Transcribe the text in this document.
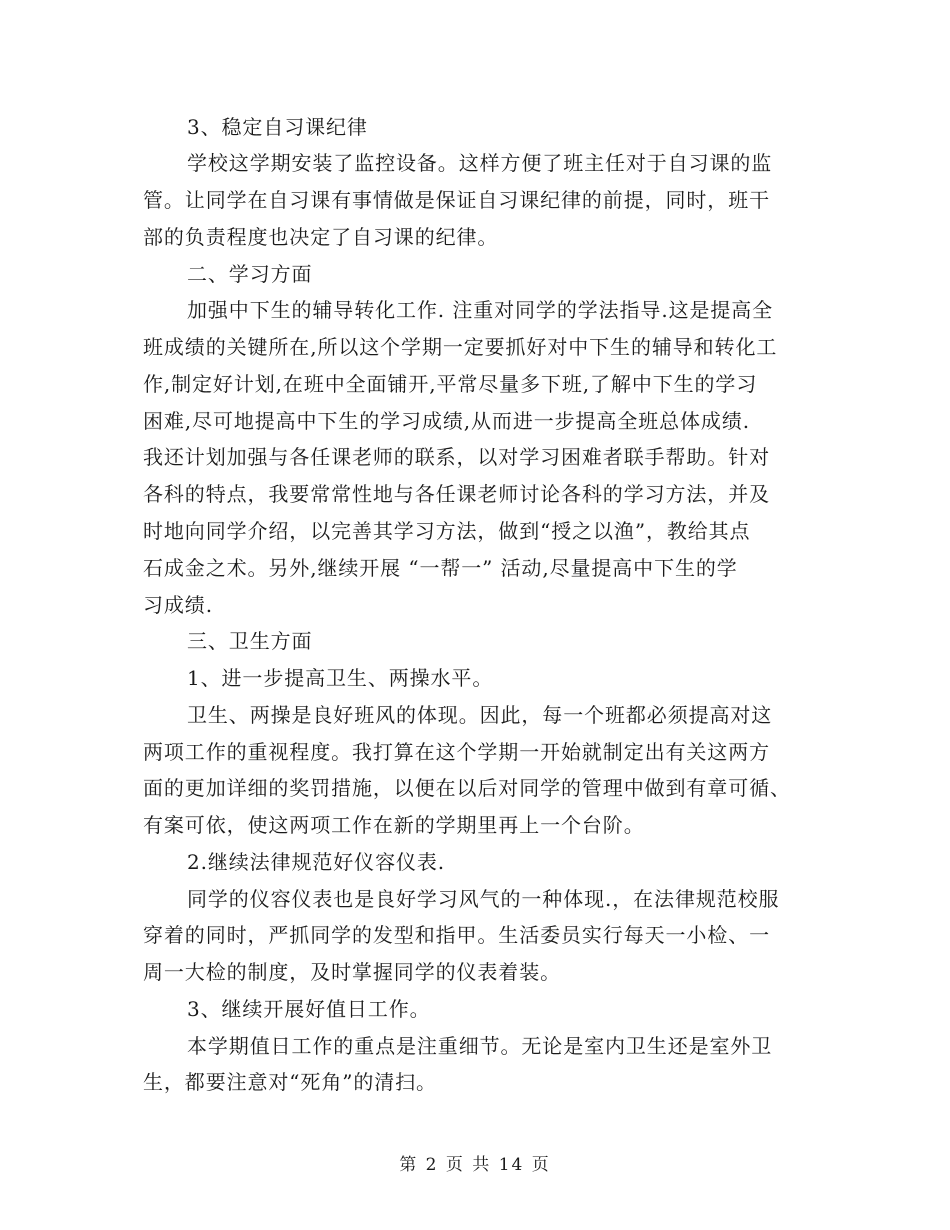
3、稳定自习课纪律
学校这学期安装了监控设备。这样方便了班主任对于自习课的监
管。让同学在自习课有事情做是保证自习课纪律的前提，同时，班干
部的负责程度也决定了自习课的纪律。
二、学习方面
加强中下生的辅导转化工作. 注重对同学的学法指导.这是提高全
班成绩的关键所在,所以这个学期一定要抓好对中下生的辅导和转化工
作,制定好计划,在班中全面铺开,平常尽量多下班,了解中下生的学习
困难,尽可地提高中下生的学习成绩,从而进一步提高全班总体成绩.
我还计划加强与各任课老师的联系，以对学习困难者联手帮助。针对
各科的特点，我要常常性地与各任课老师讨论各科的学习方法，并及
时地向同学介绍，以完善其学习方法，做到“授之以渔”，教给其点
石成金之术。另外,继续开展 “一帮一” 活动,尽量提高中下生的学
习成绩.
三、卫生方面
1、进一步提高卫生、两操水平。
卫生、两操是良好班风的体现。因此，每一个班都必须提高对这
两项工作的重视程度。我打算在这个学期一开始就制定出有关这两方
面的更加详细的奖罚措施，以便在以后对同学的管理中做到有章可循、
有案可依，使这两项工作在新的学期里再上一个台阶。
2.继续法律规范好仪容仪表.
同学的仪容仪表也是良好学习风气的一种体现.，在法律规范校服
穿着的同时，严抓同学的发型和指甲。生活委员实行每天一小检、一
周一大检的制度，及时掌握同学的仪表着装。
3、继续开展好值日工作。
本学期值日工作的重点是注重细节。无论是室内卫生还是室外卫
生，都要注意对“死角”的清扫。
第 2 页 共 14 页
